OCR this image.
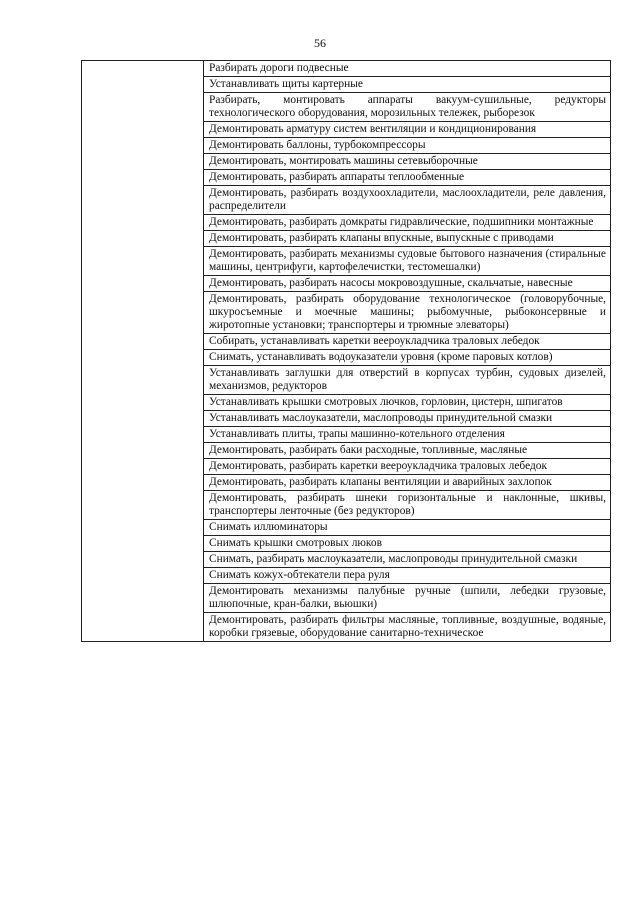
56
	Разбирать дороги подвесные
Устанавливать щиты картерные
Разбирать, монтировать аппараты вакуум-сушильные, редукторы технологического оборудования, морозильных тележек, рыборезок
Демонтировать арматуру систем вентиляции и кондиционирования
Демонтировать баллоны, турбокомпрессоры
Демонтировать, монтировать машины сетевыборочные
Демонтировать, разбирать аппараты теплообменные
Демонтировать, разбирать воздухоохладители, маслоохладители, реле давления, распределители
Демонтировать, разбирать домкраты гидравлические, подшипники монтажные
Демонтировать, разбирать клапаны впускные, выпускные с приводами
Демонтировать, разбирать механизмы судовые бытового назначения (стиральные машины, центрифуги, картофелечистки, тестомешалки)
Демонтировать, разбирать насосы мокровоздушные, скальчатые, навесные
Демонтировать, разбирать оборудование технологическое (головорубочные, шкуросъемные и моечные машины; рыбомучные, рыбоконсервные и жиротопные установки; транспортеры и трюмные элеваторы)
Собирать, устанавливать каретки веероукладчика траловых лебедок
Снимать, устанавливать водоуказатели уровня (кроме паровых котлов)
Устанавливать заглушки для отверстий в корпусах турбин, судовых дизелей, механизмов, редукторов
Устанавливать крышки смотровых лючков, горловин, цистерн, шпигатов
Устанавливать маслоуказатели, маслопроводы принудительной смазки
Устанавливать плиты, трапы машинно-котельного отделения
Демонтировать, разбирать баки расходные, топливные, масляные
Демонтировать, разбирать каретки веероукладчика траловых лебедок
Демонтировать, разбирать клапаны вентиляции и аварийных захлопок
Демонтировать, разбирать шнеки горизонтальные и наклонные, шкивы, транспортеры ленточные (без редукторов)
Снимать иллюминаторы
Снимать крышки смотровых люков
Снимать, разбирать маслоуказатели, маслопроводы принудительной смазки
Снимать кожух-обтекатели пера руля
Демонтировать механизмы палубные ручные (шпили, лебедки грузовые, шлюпочные, кран-балки, вьюшки)
Демонтировать, разбирать фильтры масляные, топливные, воздушные, водяные, коробки грязевые, оборудование санитарно-техническое
